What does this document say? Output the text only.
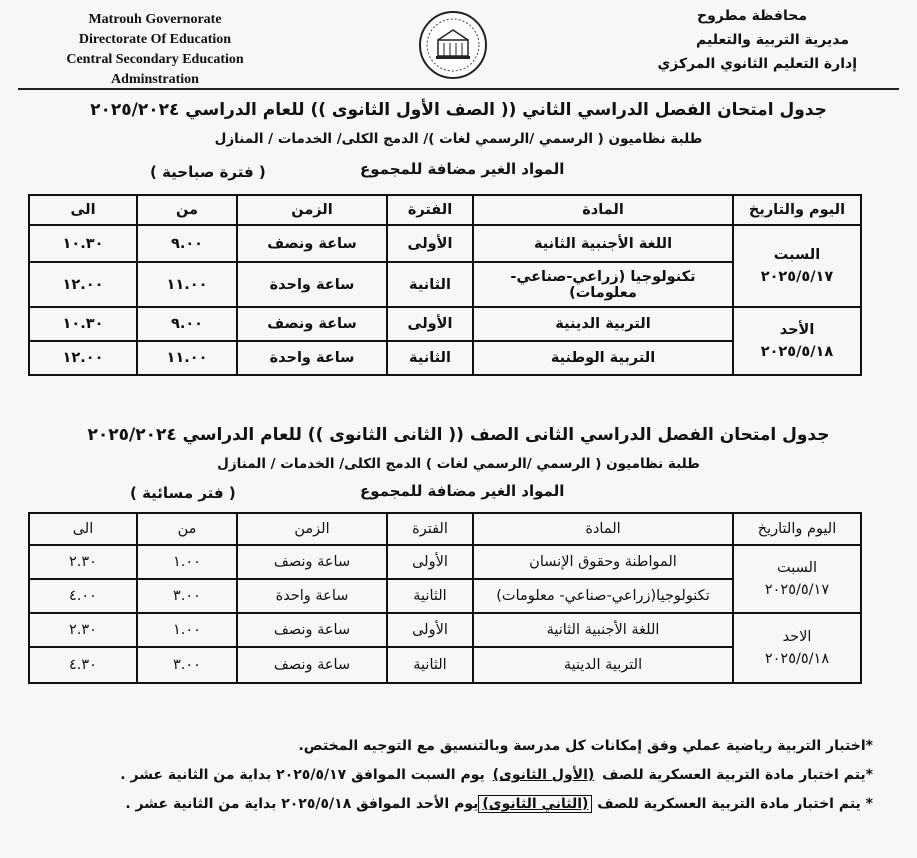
Matrouh Governorate
Directorate Of Education
Central Secondary Education Adminstration
محافظة مطروح
مديرية التربية والتعليم
إدارة التعليم الثانوي المركزي
جدول امتحان الفصل الدراسي الثاني (( الصف الأول الثانوى )) للعام الدراسي ٢٠٢٥/٢٠٢٤
طلبة نظاميون ( الرسمي /الرسمي لغات )/ الدمج الكلى/ الخدمات / المنازل
المواد الغير مضافة للمجموع
( فترة صباحية )
اليوم والتاريخ	المادة	الفترة	الزمن	من	الى

السبت
٢٠٢٥/٥/١٧	اللغة الأجنبية الثانية	الأولى	ساعة ونصف	٩.٠٠	١٠.٣٠
	تكنولوجيا (زراعي-صناعي-معلومات)	الثانية	ساعة واحدة	١١.٠٠	١٢.٠٠

الأحد
٢٠٢٥/٥/١٨	التربية الدينية	الأولى	ساعة ونصف	٩.٠٠	١٠.٣٠
	التربية الوطنية	الثانية	ساعة واحدة	١١.٠٠	١٢.٠٠
جدول امتحان الفصل الدراسي الثانى الصف (( الثانى الثانوى )) للعام الدراسي ٢٠٢٥/٢٠٢٤
طلبة نظاميون ( الرسمي /الرسمي لغات ) الدمج الكلى/ الخدمات / المنازل
المواد الغير مضافة للمجموع
( فتر مسائية )
اليوم والتاريخ	المادة	الفترة	الزمن	من	الى

السبت
٢٠٢٥/٥/١٧	المواطنة وحقوق الإنسان	الأولى	ساعة ونصف	١.٠٠	٢.٣٠
	تكنولوجيا(زراعي-صناعي- معلومات)	الثانية	ساعة واحدة	٣.٠٠	٤.٠٠

الاحد
٢٠٢٥/٥/١٨	اللغة الأجنبية الثانية	الأولى	ساعة ونصف	١.٠٠	٢.٣٠
	التربية الدينية	الثانية	ساعة ونصف	٣.٠٠	٤.٣٠
*اختبار التربية رياضية عملي وفق إمكانات كل مدرسة وبالتنسيق مع التوجيه المختص.
*يتم اختبار مادة التربية العسكرية للصف (الأول الثانوى) يوم السبت الموافق ٢٠٢٥/٥/١٧ بداية من الثانية عشر .
* يتم اختبار مادة التربية العسكرية للصف (الثاني الثانوى)يوم الأحد الموافق ٢٠٢٥/٥/١٨ بداية من الثانية عشر .
